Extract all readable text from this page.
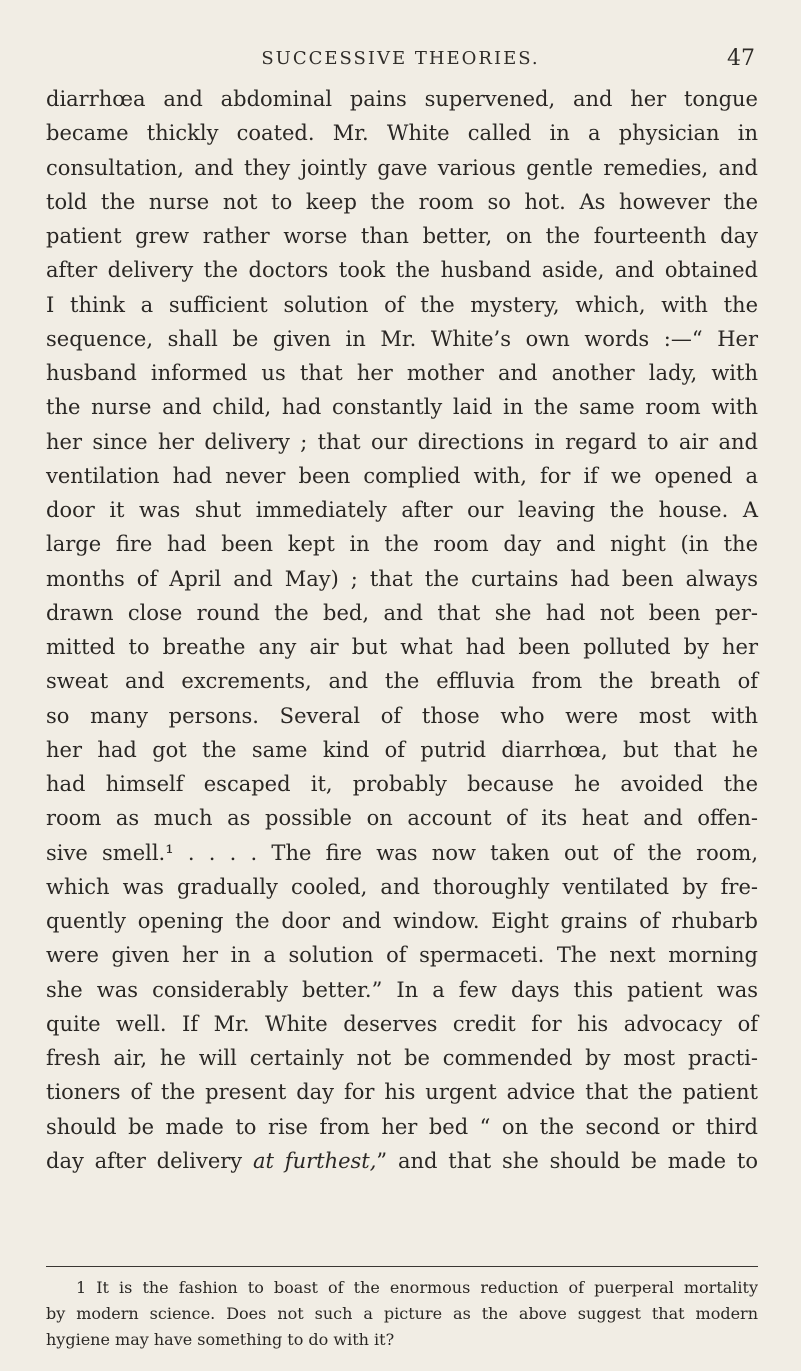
SUCCESSIVE THEORIES.	47
diarrhœa and abdominal pains supervened, and her tongue
became thickly coated. Mr. White called in a physician in
consultation, and they jointly gave various gentle remedies, and
told the nurse not to keep the room so hot. As however the
patient grew rather worse than better, on the fourteenth day
after delivery the doctors took the husband aside, and obtained
I think a sufficient solution of the mystery, which, with the
sequence, shall be given in Mr. White’s own words :—“ Her
husband informed us that her mother and another lady, with
the nurse and child, had constantly laid in the same room with
her since her delivery ; that our directions in regard to air and
ventilation had never been complied with, for if we opened a
door it was shut immediately after our leaving the house. A
large fire had been kept in the room day and night (in the
months of April and May) ; that the curtains had been always
drawn close round the bed, and that she had not been per-
mitted to breathe any air but what had been polluted by her
sweat and excrements, and the effluvia from the breath of
so many persons. Several of those who were most with
her had got the same kind of putrid diarrhœa, but that he
had himself escaped it, probably because he avoided the
room as much as possible on account of its heat and offen-
sive smell.¹ . . . . The fire was now taken out of the room,
which was gradually cooled, and thoroughly ventilated by fre-
quently opening the door and window. Eight grains of rhubarb
were given her in a solution of spermaceti. The next morning
she was considerably better.” In a few days this patient was
quite well. If Mr. White deserves credit for his advocacy of
fresh air, he will certainly not be commended by most practi-
tioners of the present day for his urgent advice that the patient
should be made to rise from her bed “ on the second or third
day after delivery at furthest,” and that she should be made to
1 It is the fashion to boast of the enormous reduction of puerperal mortality
by modern science. Does not such a picture as the above suggest that modern
hygiene may have something to do with it?
